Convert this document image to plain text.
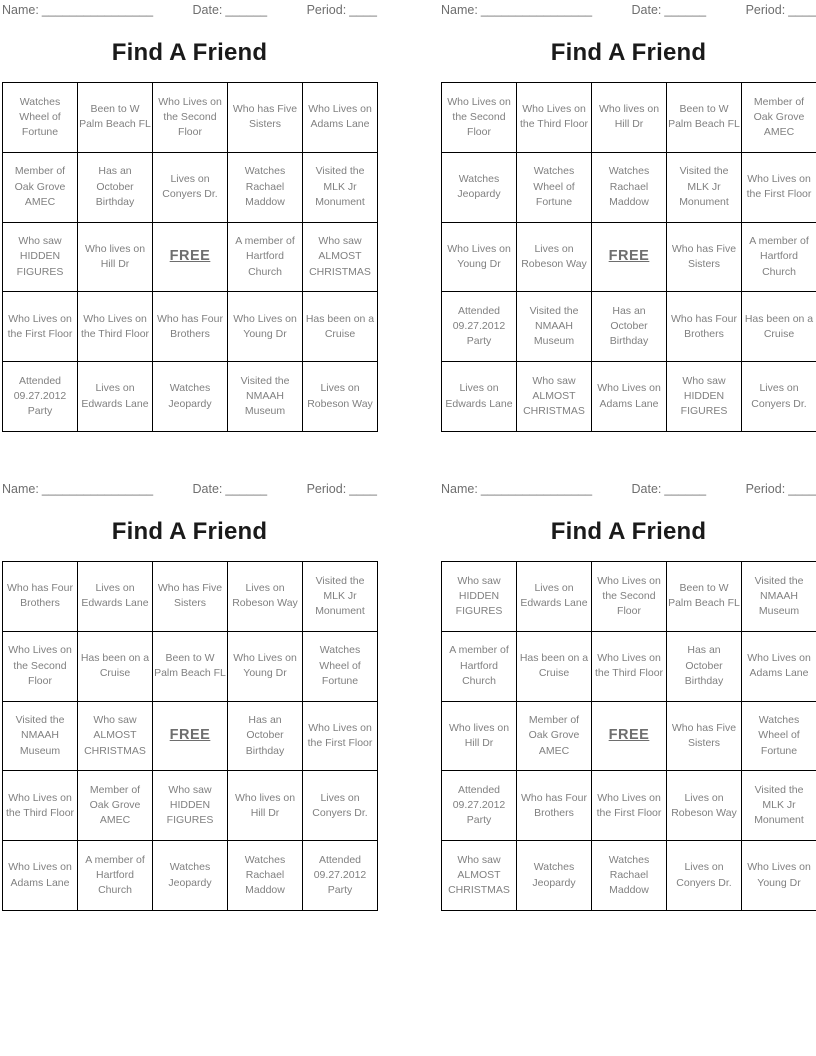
Name: ________________	Date: ______	Period: ____
Find A Friend
Watches Wheel of Fortune	Been to W Palm Beach FL	Who Lives on the Second Floor	Who has Five Sisters	Who Lives on Adams Lane
Member of Oak Grove AMEC	Has an October Birthday	Lives on Conyers Dr.	Watches Rachael Maddow	Visited the MLK Jr Monument
Who saw HIDDEN FIGURES	Who lives on Hill Dr	FREE	A member of Hartford Church	Who saw ALMOST CHRISTMAS
Who Lives on the First Floor	Who Lives on the Third Floor	Who has Four Brothers	Who Lives on Young Dr	Has been on a Cruise
Attended 09.27.2012 Party	Lives on Edwards Lane	Watches Jeopardy	Visited the NMAAH Museum	Lives on Robeson Way
Name: ________________	Date: ______	Period: ____
Find A Friend
Who Lives on the Second Floor	Who Lives on the Third Floor	Who lives on Hill Dr	Been to W Palm Beach FL	Member of Oak Grove AMEC
Watches Jeopardy	Watches Wheel of Fortune	Watches Rachael Maddow	Visited the MLK Jr Monument	Who Lives on the First Floor
Who Lives on Young Dr	Lives on Robeson Way	FREE	Who has Five Sisters	A member of Hartford Church
Attended 09.27.2012 Party	Visited the NMAAH Museum	Has an October Birthday	Who has Four Brothers	Has been on a Cruise
Lives on Edwards Lane	Who saw ALMOST CHRISTMAS	Who Lives on Adams Lane	Who saw HIDDEN FIGURES	Lives on Conyers Dr.
Name: ________________	Date: ______	Period: ____
Find A Friend
Who has Four Brothers	Lives on Edwards Lane	Who has Five Sisters	Lives on Robeson Way	Visited the MLK Jr Monument
Who Lives on the Second Floor	Has been on a Cruise	Been to W Palm Beach FL	Who Lives on Young Dr	Watches Wheel of Fortune
Visited the NMAAH Museum	Who saw ALMOST CHRISTMAS	FREE	Has an October Birthday	Who Lives on the First Floor
Who Lives on the Third Floor	Member of Oak Grove AMEC	Who saw HIDDEN FIGURES	Who lives on Hill Dr	Lives on Conyers Dr.
Who Lives on Adams Lane	A member of Hartford Church	Watches Jeopardy	Watches Rachael Maddow	Attended 09.27.2012 Party
Name: ________________	Date: ______	Period: ____
Find A Friend
Who saw HIDDEN FIGURES	Lives on Edwards Lane	Who Lives on the Second Floor	Been to W Palm Beach FL	Visited the NMAAH Museum
A member of Hartford Church	Has been on a Cruise	Who Lives on the Third Floor	Has an October Birthday	Who Lives on Adams Lane
Who lives on Hill Dr	Member of Oak Grove AMEC	FREE	Who has Five Sisters	Watches Wheel of Fortune
Attended 09.27.2012 Party	Who has Four Brothers	Who Lives on the First Floor	Lives on Robeson Way	Visited the MLK Jr Monument
Who saw ALMOST CHRISTMAS	Watches Jeopardy	Watches Rachael Maddow	Lives on Conyers Dr.	Who Lives on Young Dr
